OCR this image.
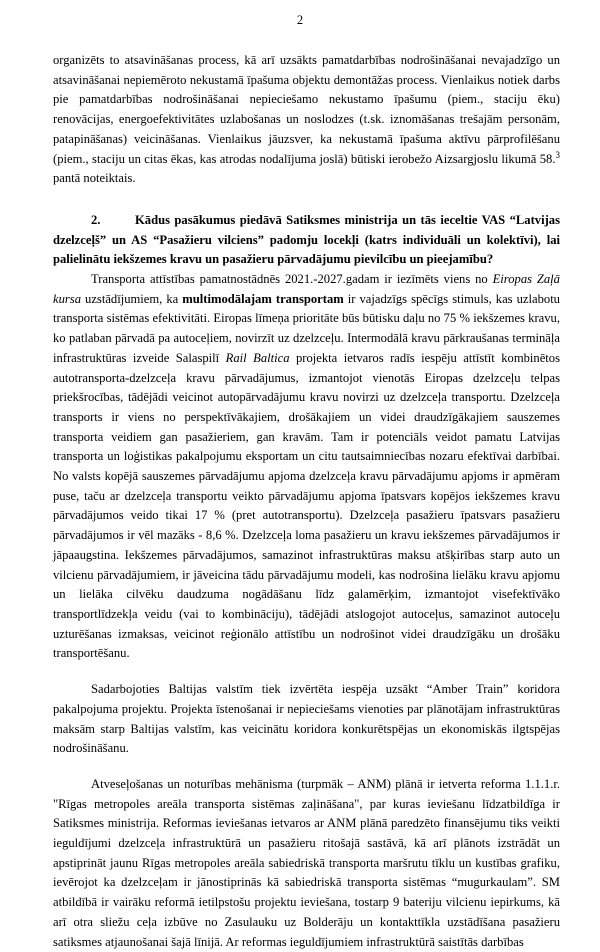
2

organizēts to atsavināšanas process, kā arī uzsākts pamatdarbības nodrošināšanai nevajadzīgo un atsavināšanai nepiemēroto nekustamā īpašuma objektu demontāžas process. Vienlaikus notiek darbs pie pamatdarbības nodrošināšanai nepieciešamo nekustamo īpašumu (piem., staciju ēku) renovācijas, energoefektivitātes uzlabošanas un noslodzes (t.sk. iznomāšanas trešajām personām, patapināšanas) veicināšanas. Vienlaikus jāuzsver, ka nekustamā īpašuma aktīvu pārprofilēšanu (piem., staciju un citas ēkas, kas atrodas nodalījuma joslā) būtiski ierobežo Aizsargjoslu likumā 58.$^3$ pantā noteiktais.

2.	Kādus pasākumus piedāvā Satiksmes ministrija un tās ieceltie VAS “Latvijas dzelzceļš” un AS “Pasažieru vilciens” padomju locekļi (katrs individuāli un kolektīvi), lai palielinātu iekšzemes kravu un pasažieru pārvadājumu pievilcību un pieejamību?

Transporta attīstības pamatnostādnēs 2021.-2027.gadam ir iezīmēts viens no Eiropas Zaļā kursa uzstādījumiem, ka multimodālajam transportam ir vajadzīgs spēcīgs stimuls, kas uzlabotu transporta sistēmas efektivitāti. Eiropas līmeņa prioritāte būs būtisku daļu no 75 % iekšzemes kravu, ko patlaban pārvadā pa autoceļiem, novirzīt uz dzelzceļu. Intermodālā kravu pārkraušanas termināļa infrastruktūras izveide Salaspilī Rail Baltica projekta ietvaros radīs iespēju attīstīt kombinētos autotransporta-dzelzceļa kravu pārvadājumus, izmantojot vienotās Eiropas dzelzceļu telpas priekšrocības, tādējādi veicinot autopārvadājumu kravu novirzi uz dzelzceļa transportu. Dzelzceļa transports ir viens no perspektīvākajiem, drošākajiem un videi draudzīgākajiem sauszemes transporta veidiem gan pasažieriem, gan kravām. Tam ir potenciāls veidot pamatu Latvijas transporta un loģistikas pakalpojumu eksportam un citu tautsaimniecības nozaru efektīvai darbībai. No valsts kopējā sauszemes pārvadājumu apjoma dzelzceļa kravu pārvadājumu apjoms ir apmēram puse, taču ar dzelzceļa transportu veikto pārvadājumu apjoma īpatsvars kopējos iekšzemes kravu pārvadājumos veido tikai 17 % (pret autotransportu). Dzelzceļa pasažieru īpatsvars pasažieru pārvadājumos ir vēl mazāks - 8,6 %. Dzelzceļa loma pasažieru un kravu iekšzemes pārvadājumos ir jāpaaugstina. Iekšzemes pārvadājumos, samazinot infrastruktūras maksu atšķirības starp auto un vilcienu pārvadājumiem, ir jāveicina tādu pārvadājumu modeli, kas nodrošina lielāku kravu apjomu un lielāka cilvēku daudzuma nogādāšanu līdz galamērķim, izmantojot visefektīvāko transportlīdzekļa veidu (vai to kombināciju), tādējādi atslogojot autoceļus, samazinot autoceļu uzturēšanas izmaksas, veicinot reģionālo attīstību un nodrošinot videi draudzīgāku un drošāku transportēšanu.

Sadarbojoties Baltijas valstīm tiek izvērtēta iespēja uzsākt “Amber Train” koridora pakalpojuma projektu. Projekta īstenošanai ir nepieciešams vienoties par plānotājam infrastruktūras maksām starp Baltijas valstīm, kas veicinātu koridora konkurētspējas un ekonomiskās ilgtspējas nodrošināšanu.

Atveseļošanas un noturības mehānisma (turpmāk – ANM) plānā ir ietverta reforma 1.1.1.r. "Rīgas metropoles areāla transporta sistēmas zaļināšana", par kuras ieviešanu līdzatbildīga ir Satiksmes ministrija. Reformas ieviešanas ietvaros ar ANM plānā paredzēto finansējumu tiks veikti ieguldījumi dzelzceļa infrastruktūrā un pasažieru ritošajā sastāvā, kā arī plānots izstrādāt un apstiprināt jaunu Rīgas metropoles areāla sabiedriskā transporta maršrutu tīklu un kustības grafiku, ievērojot ka dzelzceļam ir jānostiprinās kā sabiedriskā transporta sistēmas “mugurkaulam”. SM atbildībā ir vairāku reformā ietilpstošu projektu ieviešana, tostarp 9 bateriju vilcienu iepirkums, kā arī otra sliežu ceļa izbūve no Zasulauku uz Bolderāju un kontakttīkla uzstādīšana pasažieru satiksmes atjaunošanai šajā līnijā. Ar reformas ieguldījumiem infrastruktūrā saistītās darbības
